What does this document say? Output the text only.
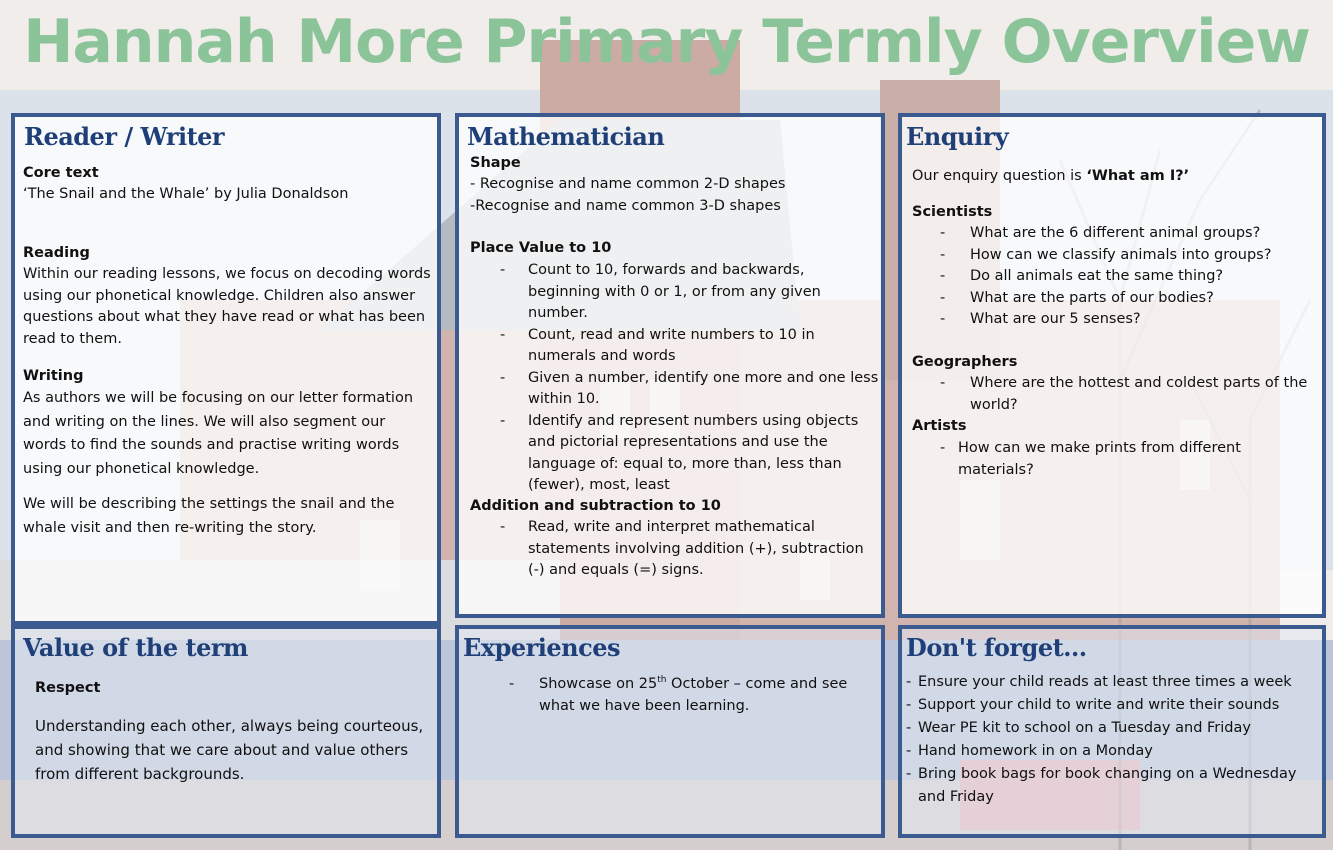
Hannah More Primary Termly Overview
Reader / Writer
Core text
‘The Snail and the Whale’ by Julia Donaldson
Reading
Within our reading lessons, we focus on decoding words using our phonetical knowledge. Children also answer questions about what they have read or what has been read to them.
Writing
As authors we will be focusing on our letter formation and writing on the lines. We will also segment our words to find the sounds and practise writing words using our phonetical knowledge.
We will be describing the settings the snail and the whale visit and then re-writing the story.
Mathematician
Shape
- Recognise and name common 2-D shapes
-Recognise and name common 3-D shapes
Place Value to 10
- Count to 10, forwards and backwards, beginning with 0 or 1, or from any given number.
- Count, read and write numbers to 10 in numerals and words
- Given a number, identify one more and one less within 10.
- Identify and represent numbers using objects and pictorial representations and use the language of: equal to, more than, less than (fewer), most, least
Addition and subtraction to 10
- Read, write and interpret mathematical statements involving addition (+), subtraction (-) and equals (=) signs.
Enquiry
Our enquiry question is ‘What am I?’
Scientists
- What are the 6 different animal groups?
- How can we classify animals into groups?
- Do all animals eat the same thing?
- What are the parts of our bodies?
- What are our 5 senses?
Geographers
- Where are the hottest and coldest parts of the world?
Artists
- How can we make prints from different materials?
Value of the term
Respect
Understanding each other, always being courteous, and showing that we care about and value others from different backgrounds.
Experiences
- Showcase on 25th October – come and see what we have been learning.
Don't forget…
- Ensure your child reads at least three times a week
- Support your child to write and write their sounds
- Wear PE kit to school on a Tuesday and Friday
- Hand homework in on a Monday
- Bring book bags for book changing on a Wednesday and Friday
